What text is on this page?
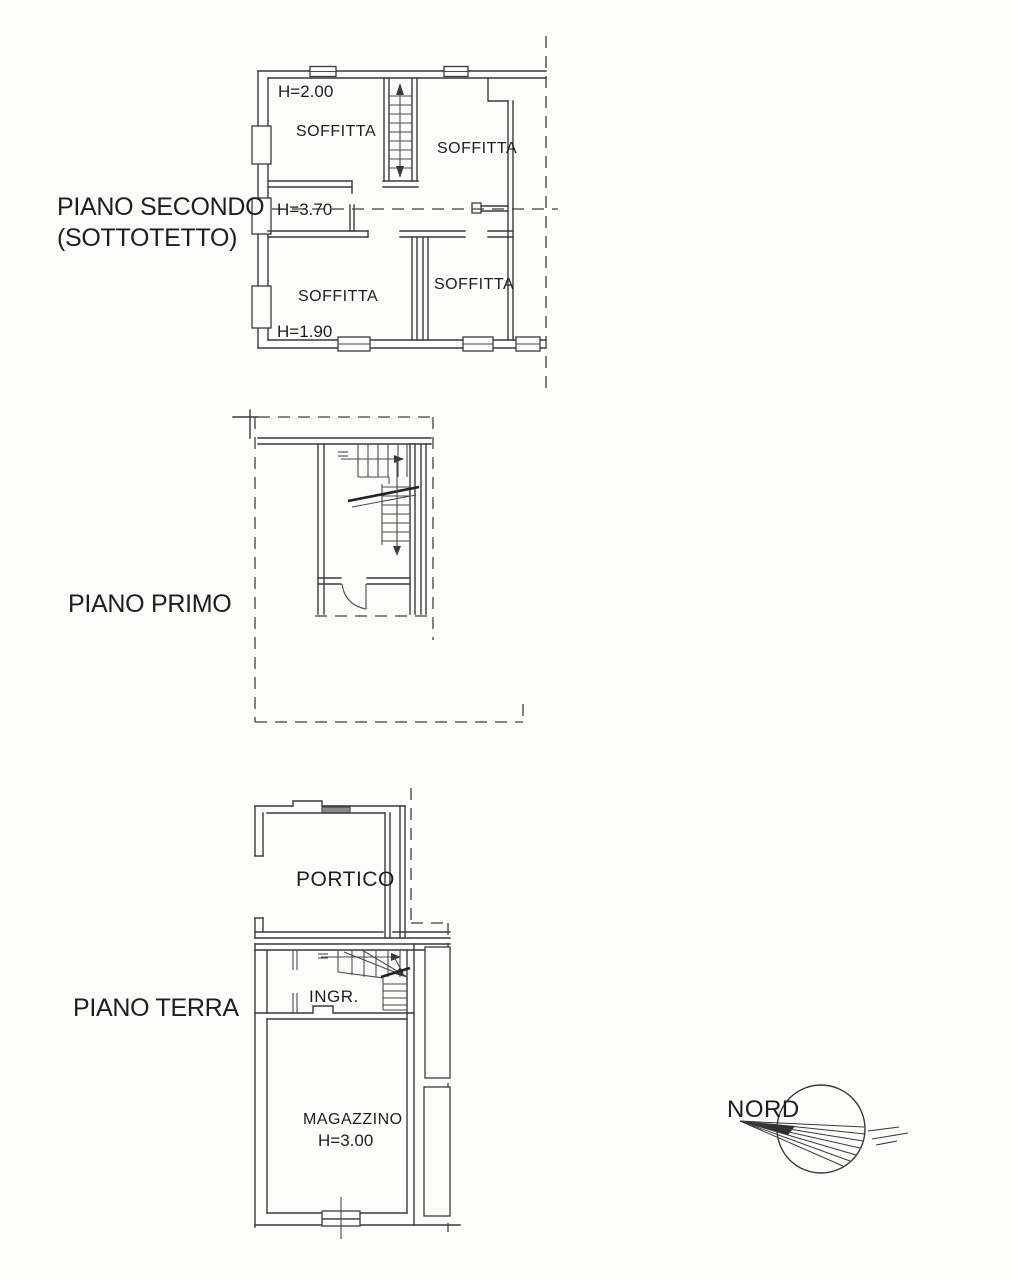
H=2.00
SOFFITTA
SOFFITTA
H=3.70
SOFFITTA
SOFFITTA
H=1.90
PIANO SECONDO
(SOTTOTETTO)
PIANO PRIMO
PORTICO
INGR.
MAGAZZINO
H=3.00
PIANO TERRA
NORD
